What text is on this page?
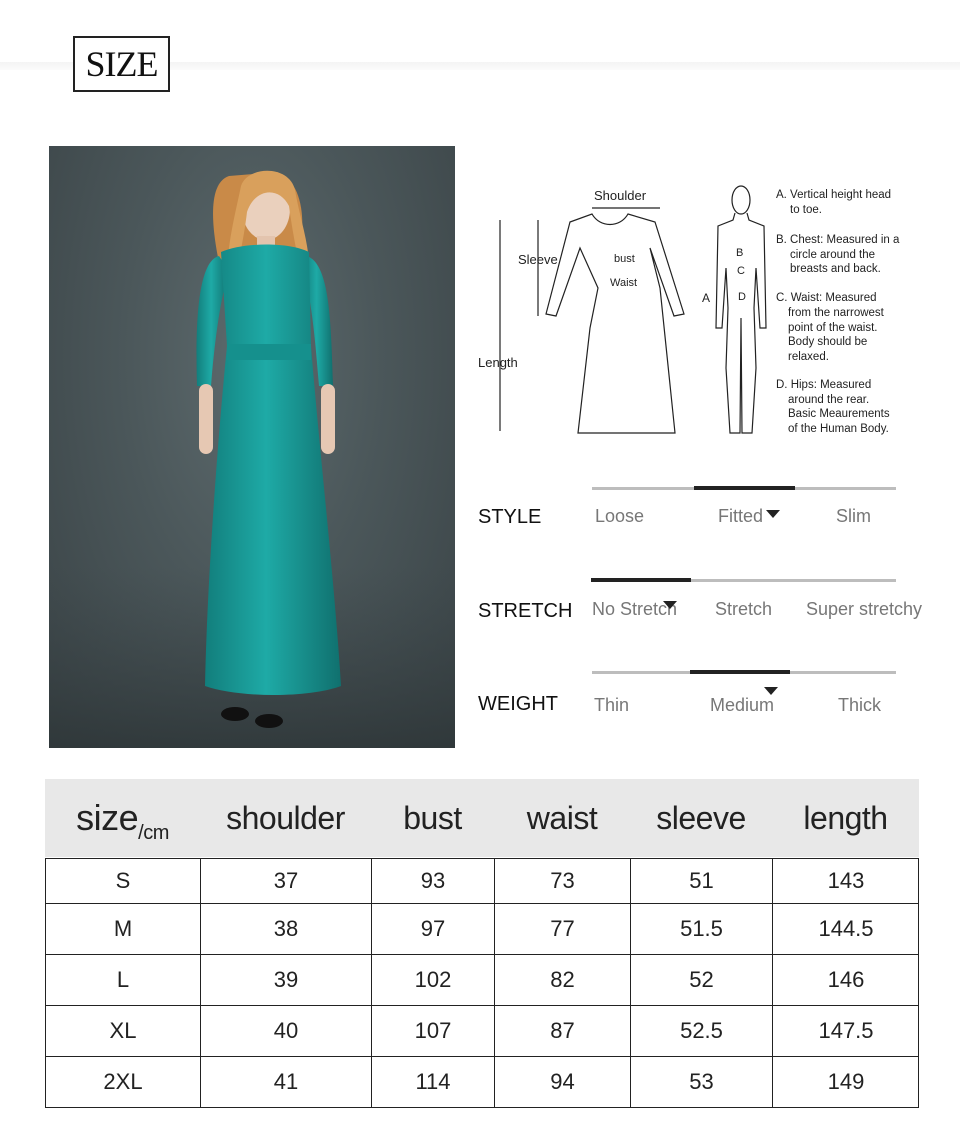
SIZE
Shoulder
Sleeve
Length
bust
Waist
A
B
C
D
A. Vertical height head
to toe.
B. Chest: Measured in a
circle around the
breasts and back.
C. Waist: Measured
from the narrowest
point of the waist.
Body should be
relaxed.
D. Hips: Measured
around the rear.
Basic Meaurements
of the Human Body.
STYLE	Loose	Fitted	Slim
STRETCH No Stretch Stretch Super stretchy
WEIGHT Thin	Medium	Thick
size /cm	shoulder	bust	waist	sleeve	length
S	37	93	73	51	143
M	38	97	77	51.5	144.5
L	39	102	82	52	146
XL	40	107	87	52.5	147.5
2XL	41	114	94	53	149
